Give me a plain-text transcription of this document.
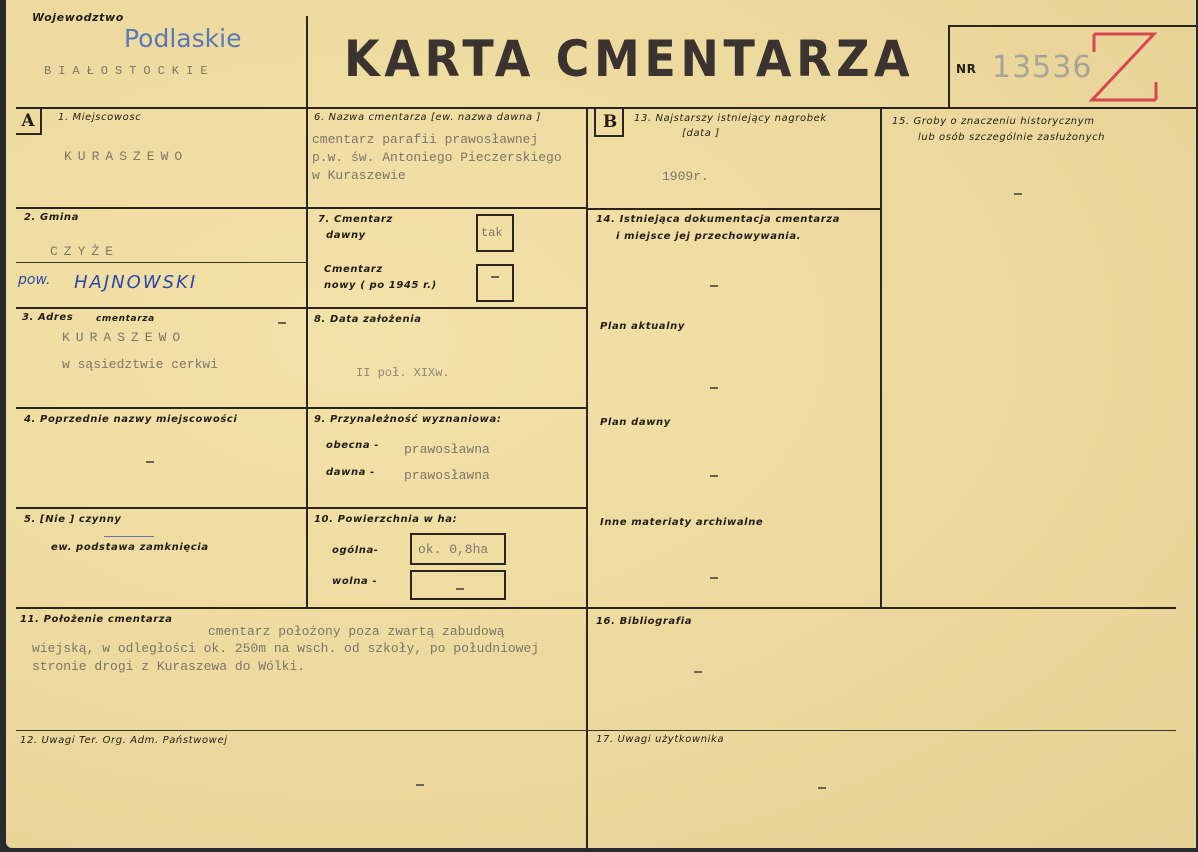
Wojewodztwo
Podlaskie
BIAŁOSTOCKIE	KARTA CMENTARZA	NR 13536
A	1. Miejscowosc
KURASZEWO
2. Gmina
CZYŻE
pow. HAJNOWSKI
3. Adres	cmentarza
KURASZEWO
w sąsiedztwie cerkwi
4. Poprzednie nazwy miejscowości
5. [Nie ] czynny
ew. podstawa zamknięcia
6. Nazwa cmentarza [ew. nazwa dawna ]
cmentarz parafii prawosławnej
p.w. św. Antoniego Pieczerskiego
w Kuraszewie
7. Cmentarz
dawny	tak
Cmentarz
nowy ( po 1945 r.)
8. Data założenia
II poł. XIXw.
9. Przynależność wyznaniowa:
obecna - prawosławna
dawna - prawosławna
10. Powierzchnia w ha:
ogólna-	ok. 0,8ha
wolna -
11. Położenie cmentarza
cmentarz położony poza zwartą zabudową
wiejską, w odległości ok. 250m na wsch. od szkoły, po południowej
stronie drogi z Kuraszewa do Wólki.
12. Uwagi Ter. Org. Adm. Państwowej
B	13. Najstarszy istniejący nagrobek
[data ]
1909r.
14. Istniejąca dokumentacja cmentarza
i miejsce jej przechowywania.
Plan aktualny
Plan dawny
Inne materiaty archiwalne
15. Groby o znaczeniu historycznym
lub osób szczególnie zasłużonych
16. Bibliografia
17. Uwagi użytkownika
